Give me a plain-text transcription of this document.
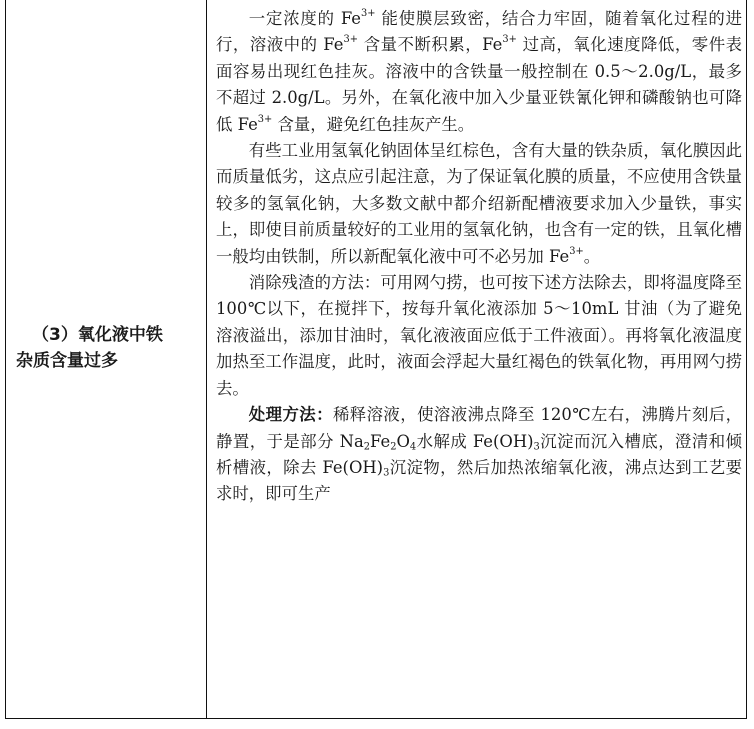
（3）氧化液中铁
杂质含量过多

一定浓度的 $Fe^{3+}$ 能使膜层致密，结合力牢固，随着氧化过程的进行，溶液中的 $Fe^{3+}$ 含量不断积累，$Fe^{3+}$ 过高，氧化速度降低，零件表面容易出现红色挂灰。溶液中的含铁量一般控制在 0.5～2.0g/L，最多不超过 2.0g/L。另外，在氧化液中加入少量亚铁氰化钾和磷酸钠也可降低 $Fe^{3+}$ 含量，避免红色挂灰产生。

有些工业用氢氧化钠固体呈红棕色，含有大量的铁杂质，氧化膜因此而质量低劣，这点应引起注意，为了保证氧化膜的质量，不应使用含铁量较多的氢氧化钠，大多数文献中都介绍新配槽液要求加入少量铁，事实上，即使目前质量较好的工业用的氢氧化钠，也含有一定的铁，且氧化槽一般均由铁制，所以新配氧化液中可不必另加 $Fe^{3+}$。

消除残渣的方法：可用网勺捞，也可按下述方法除去，即将温度降至 100℃以下，在搅拌下，按每升氧化液添加 5～10mL 甘油（为了避免溶液溢出，添加甘油时，氧化液液面应低于工件液面）。再将氧化液温度加热至工作温度，此时，液面会浮起大量红褐色的铁氧化物，再用网勺捞去。

处理方法：稀释溶液，使溶液沸点降至 120℃左右，沸腾片刻后，静置，于是部分 $Na_2Fe_2O_4$水解成 $Fe(OH)_3$沉淀而沉入槽底，澄清和倾析槽液，除去 $Fe(OH)_3$沉淀物，然后加热浓缩氧化液，沸点达到工艺要求时，即可生产
